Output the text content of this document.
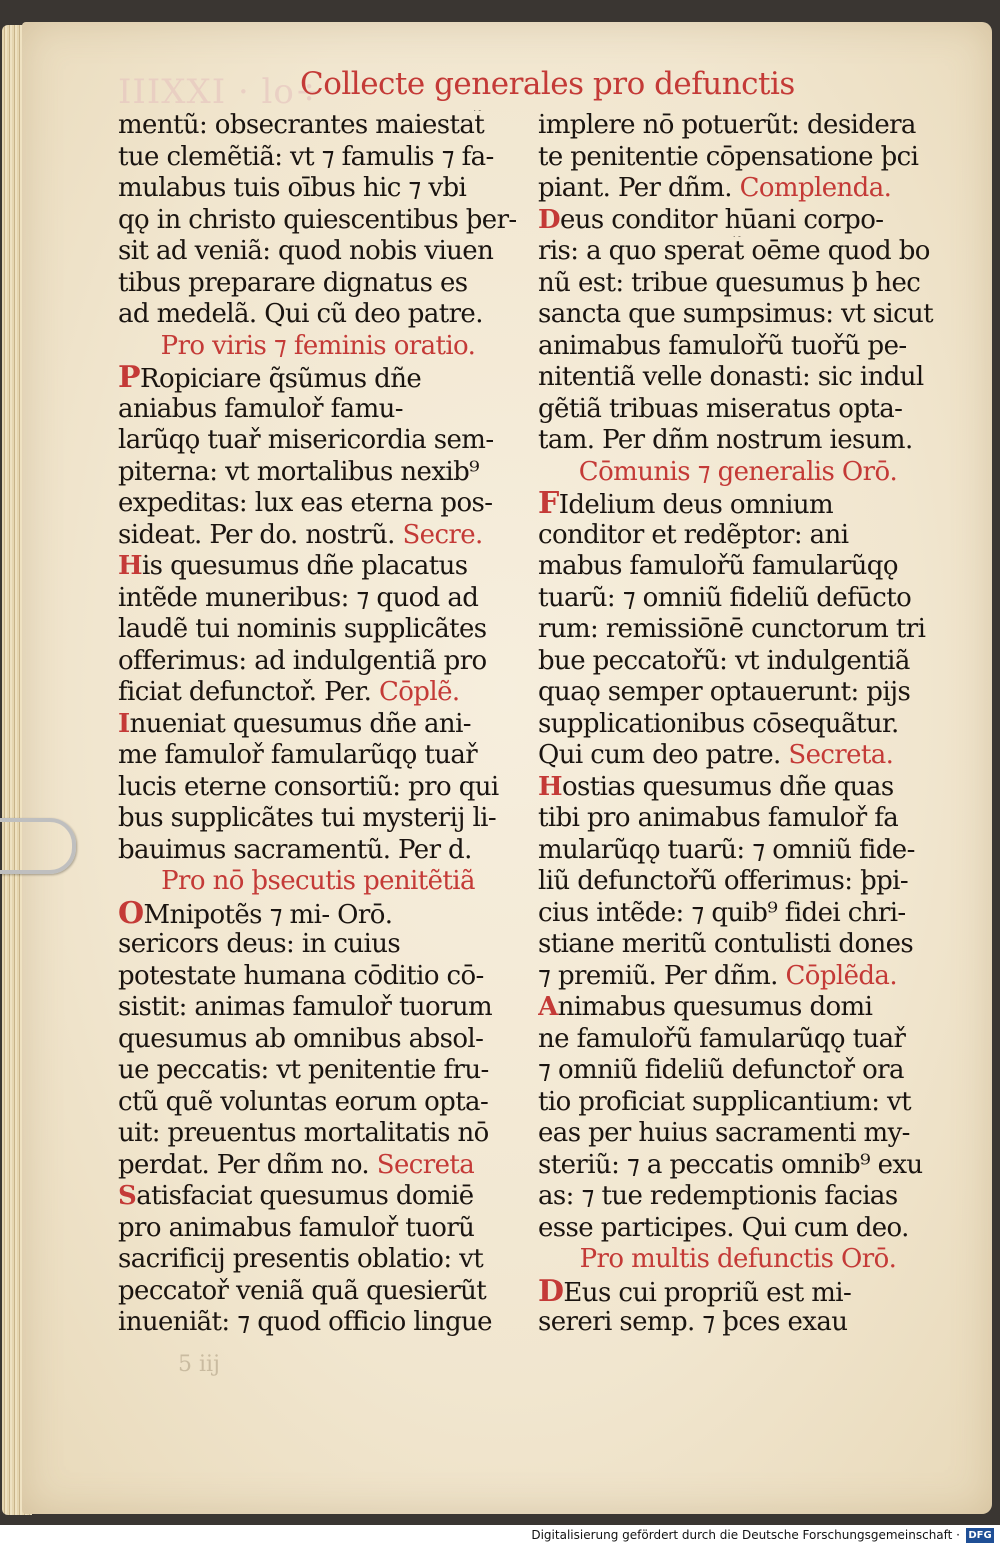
IIIXXI · lo÷
Collecte generales pro defunctis
mentũ: obsecrantes maiestat̃
tue clemẽtiã: vt ⁊ famulis ⁊ fa‐
mulabus tuis oībus hic ⁊ vbi
qǫ in christo quiescentibus þer‐
sit ad veniã: quod nobis viuen
tibus preparare dignatus es
ad medelã. Qui cũ deo patre.
Pro viris ⁊ feminis oratio.
PRopiciare q̃sũmus dñe
aniabus famuloř famu‐
larũqǫ tuař misericordia sem‐
piterna: vt mortalibus nexib⁹
expeditas: lux eas eterna pos‐
sideat. Per do. nostrũ. Secre.
His quesumus dñe placatus
intẽde muneribus: ⁊ quod ad
laudẽ tui nominis supplicãtes
offerimus: ad indulgentiã pro
ficiat defunctoř. Per. Cōplẽ.
Inueniat quesumus dñe ani‐
me famuloř famularũqǫ tuař
lucis eterne consortiũ: pro qui
bus supplicãtes tui mysterij li‐
bauimus sacramentũ. Per d.
Pro nō þsecutis penitẽtiã
OMnipotẽs ⁊ mi‐ Orō.
sericors deus: in cuius
potestate humana cōditio cō‐
sistit: animas famuloř tuorum
quesumus ab omnibus absol‐
ue peccatis: vt penitentie fru‐
ctũ quẽ voluntas eorum opta‐
uit: preuentus mortalitatis nō
perdat. Per dñm no. Secreta
Satisfaciat quesumus domiē
pro animabus famuloř tuorũ
sacrificij presentis oblatio: vt
peccatoř veniã quã quesierũt
inueniãt: ⁊ quod officio lingue
implere nō potuerũt: desidera
te penitentie cōpensatione þci
piant. Per dñm. Complenda.
Deus conditor hūani corpo‐
ris: a quo sperat̃ oēme quod bo
nũ est: tribue quesumus þ hec
sancta que sumpsimus: vt sicut
animabus famulořũ tuořũ pe‐
nitentiã velle donasti: sic indul
gẽtiã tribuas miseratus opta‐
tam. Per dñm nostrum iesum.
Cōmunis ⁊ generalis Orō.
FIdelium deus omnium
conditor et redẽptor: ani
mabus famulořũ famularũqǫ
tuarũ: ⁊ omniũ fideliũ defūcto
rum: remissiōnē cunctorum tri
bue peccatořũ: vt indulgentiã
quaǫ semper optauerunt: pijs
supplicationibus cōsequãtur.
Qui cum deo patre. Secreta.
Hostias quesumus dñe quas
tibi pro animabus famuloř fa
mularũqǫ tuarũ: ⁊ omniũ fide‐
liũ defunctořũ offerimus: þpi‐
cius intẽde: ⁊ quib⁹ fidei chri‐
stiane meritũ contulisti dones
⁊ premiũ. Per dñm. Cōplẽda.
Animabus quesumus domi
ne famulořũ famularũqǫ tuař
⁊ omniũ fideliũ defunctoř ora
tio proficiat supplicantium: vt
eas per huius sacramenti my‐
steriũ: ⁊ a peccatis omnib⁹ exu
as: ⁊ tue redemptionis facias
esse participes. Qui cum deo.
Pro multis defunctis Orō.
DEus cui propriũ est mi‐
sereri semp. ⁊ þces exau
5 iij
Digitalisierung gefördert durch die Deutsche Forschungsgemeinschaft · DFG
